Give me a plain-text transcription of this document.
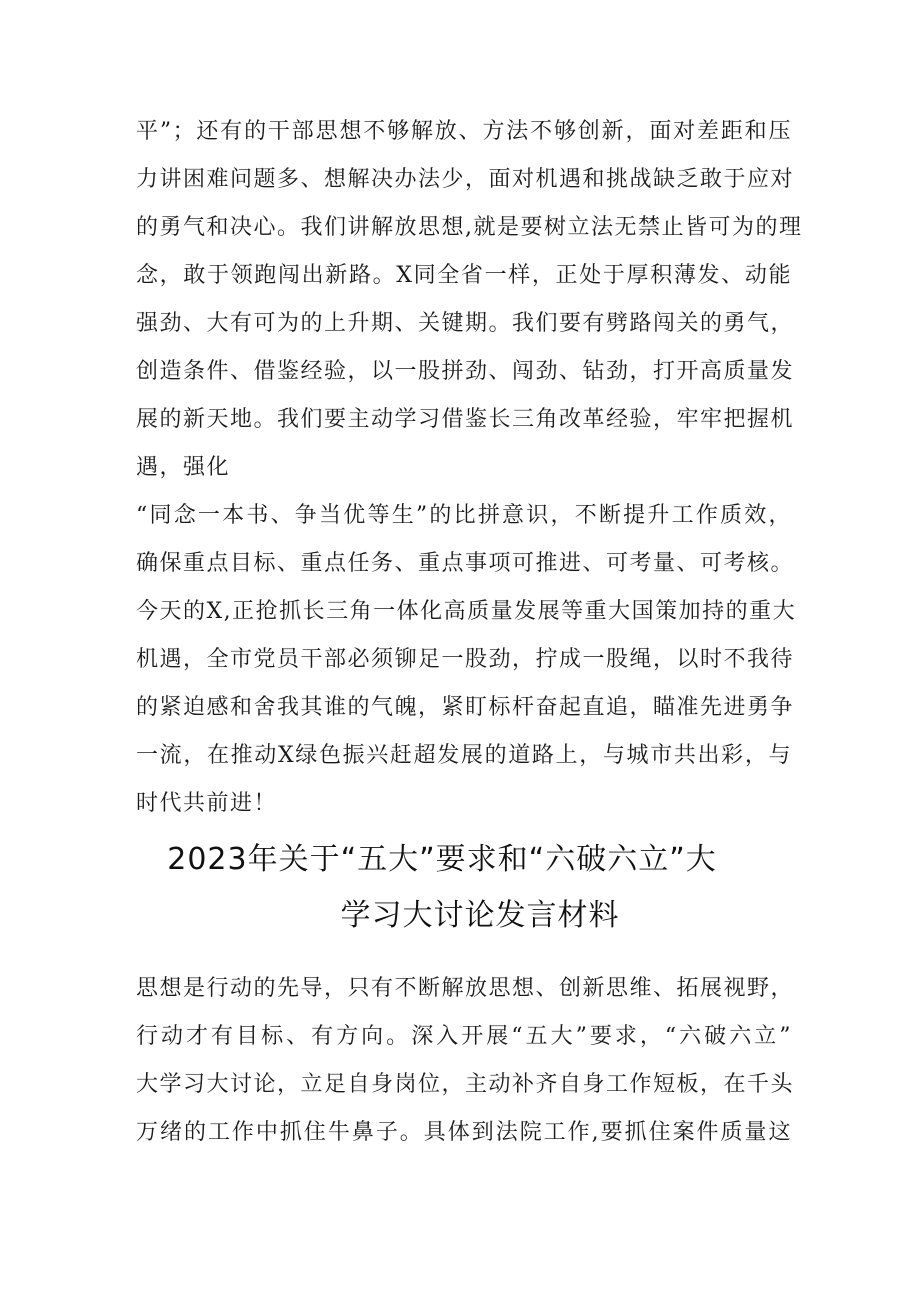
平”；还有的干部思想不够解放、方法不够创新，面对差距和压
力讲困难问题多、想解决办法少，面对机遇和挑战缺乏敢于应对
的勇气和决心。我们讲解放思想,就是要树立法无禁止皆可为的理
念，敢于领跑闯出新路。X同全省一样，正处于厚积薄发、动能
强劲、大有可为的上升期、关键期。我们要有劈路闯关的勇气，
创造条件、借鉴经验，以一股拼劲、闯劲、钻劲，打开高质量发
展的新天地。我们要主动学习借鉴长三角改革经验，牢牢把握机
遇，强化
“同念一本书、争当优等生”的比拼意识，不断提升工作质效，
确保重点目标、重点任务、重点事项可推进、可考量、可考核。
今天的X,正抢抓长三角一体化高质量发展等重大国策加持的重大
机遇，全市党员干部必须铆足一股劲，拧成一股绳，以时不我待
的紧迫感和舍我其谁的气魄，紧盯标杆奋起直追，瞄准先进勇争
一流，在推动X绿色振兴赶超发展的道路上，与城市共出彩，与
时代共前进！
2023年关于“五大”要求和“六破六立”大
学习大讨论发言材料
思想是行动的先导，只有不断解放思想、创新思维、拓展视野，
行动才有目标、有方向。深入开展“五大”要求，“六破六立”
大学习大讨论，立足自身岗位，主动补齐自身工作短板，在千头
万绪的工作中抓住牛鼻子。具体到法院工作,要抓住案件质量这
